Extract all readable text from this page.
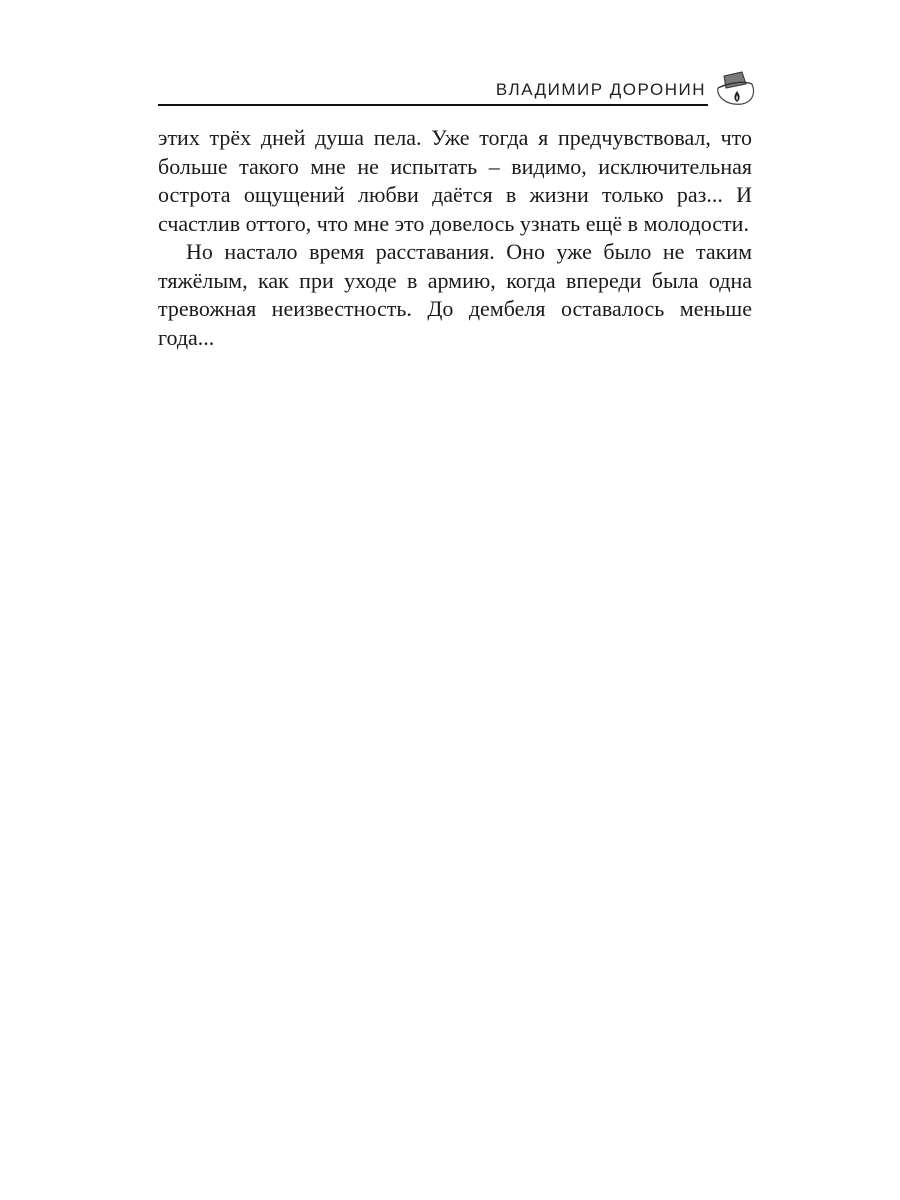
ВЛАДИМИР ДОРОНИН

этих трёх дней душа пела. Уже тогда я предчувствовал, что больше такого мне не испытать – видимо, исключительная острота ощущений любви даётся в жизни только раз... И счастлив оттого, что мне это довелось узнать ещё в молодости.

Но настало время расставания. Оно уже было не таким тяжёлым, как при уходе в армию, когда впереди была одна тревожная неизвестность. До дембеля оставалось меньше года...
